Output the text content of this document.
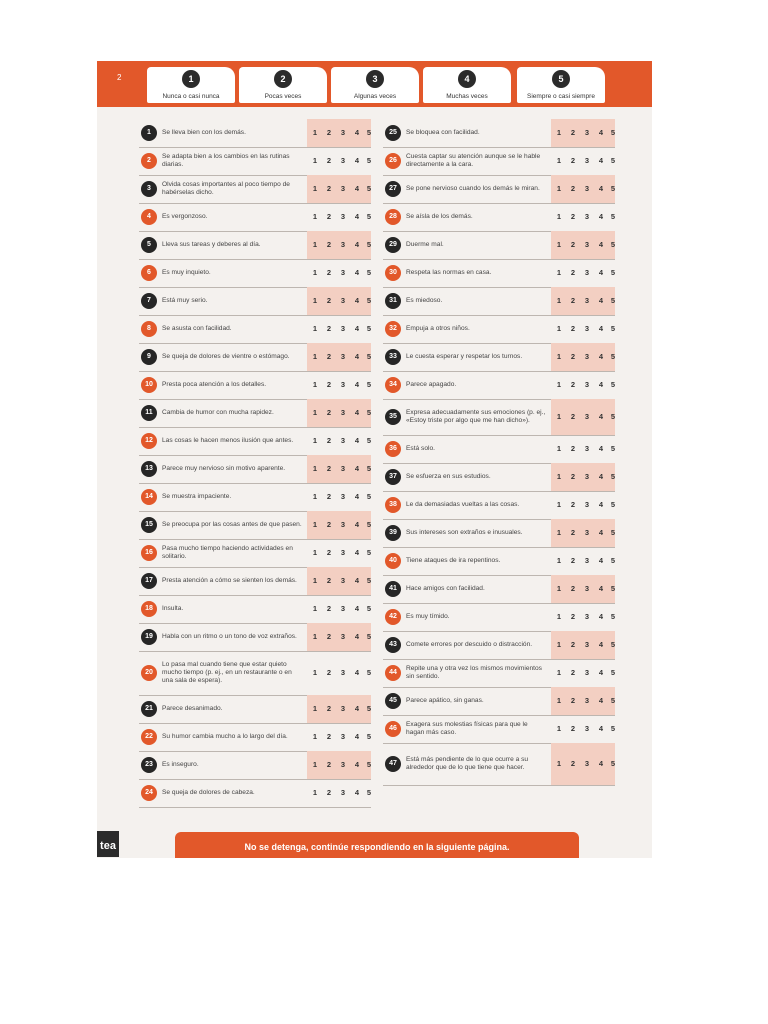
2	1
Nunca o casi nunca
2
Pocas veces
3
Algunas veces
4
Muchas veces
5
Siempre o casi siempre
1	Se lleva bien con los demás.	1 2 3 4 5
2
Se adapta bien a los cambios en las rutinas diarias.	1 2 3 4 5
3
Olvida cosas importantes al poco tiempo de habérselas dicho.	1 2 3 4 5
4	Es vergonzoso.	1 2 3 4 5
5	Lleva sus tareas y deberes al día.	1 2 3 4 5
6	Es muy inquieto.	1 2 3 4 5
7	Está muy serio.	1 2 3 4 5
8	Se asusta con facilidad.	1 2 3 4 5
9	Se queja de dolores de vientre o estómago.	1 2 3 4 5
10	Presta poca atención a los detalles.	1 2 3 4 5
11	Cambia de humor con mucha rapidez.	1 2 3 4 5
12	Las cosas le hacen menos ilusión que antes.	1 2 3 4 5
13	Parece muy nervioso sin motivo aparente.	1 2 3 4 5
14	Se muestra impaciente.	1 2 3 4 5
15	Se preocupa por las cosas antes de que pasen. 1 2 3 4 5
16
Pasa mucho tiempo haciendo actividades en solitario.	1 2 3 4 5
17	Presta atención a cómo se sienten los demás.	1 2 3 4 5
18	Insulta.	1 2 3 4 5
19	Habla con un ritmo o un tono de voz extraños.	1 2 3 4 5
20
Lo pasa mal cuando tiene que estar quieto mucho tiempo (p. ej., en un restaurante o en una sala de espera).
1 2 3 4 5
21	Parece desanimado.	1 2 3 4 5
22	Su humor cambia mucho a lo largo del día.	1 2 3 4 5
23	Es inseguro.	1 2 3 4 5
24	Se queja de dolores de cabeza.	1 2 3 4 5
25	Se bloquea con facilidad.	1 2 3 4 5
26
Cuesta captar su atención aunque se le hable directamente a la cara.	1 2 3 4 5
27	Se pone nervioso cuando los demás le miran.	1 2 3 4 5
28	Se aísla de los demás.	1 2 3 4 5
29	Duerme mal.	1 2 3 4 5
30	Respeta las normas en casa.	1 2 3 4 5
31	Es miedoso.	1 2 3 4 5
32	Empuja a otros niños.	1 2 3 4 5
33	Le cuesta esperar y respetar los turnos.	1 2 3 4 5
34	Parece apagado.	1 2 3 4 5
35
Expresa adecuadamente sus emociones (p. ej., «Estoy triste por algo que me han dicho»).	1 2 3 4 5
36	Está solo.	1 2 3 4 5
37	Se esfuerza en sus estudios.	1 2 3 4 5
38	Le da demasiadas vueltas a las cosas.	1 2 3 4 5
39	Sus intereses son extraños e inusuales.	1 2 3 4 5
40	Tiene ataques de ira repentinos.	1 2 3 4 5
41	Hace amigos con facilidad.	1 2 3 4 5
42	Es muy tímido.	1 2 3 4 5
43	Comete errores por descuido o distracción.	1 2 3 4 5
44
Repite una y otra vez los mismos movimientos sin sentido.	1 2 3 4 5
45	Parece apático, sin ganas.	1 2 3 4 5
46
Exagera sus molestias físicas para que le hagan más caso.	1 2 3 4 5
47
Está más pendiente de lo que ocurre a su alrededor que de lo que tiene que hacer.	1 2 3 4 5
tea	No se detenga, continúe respondiendo en la siguiente página.
